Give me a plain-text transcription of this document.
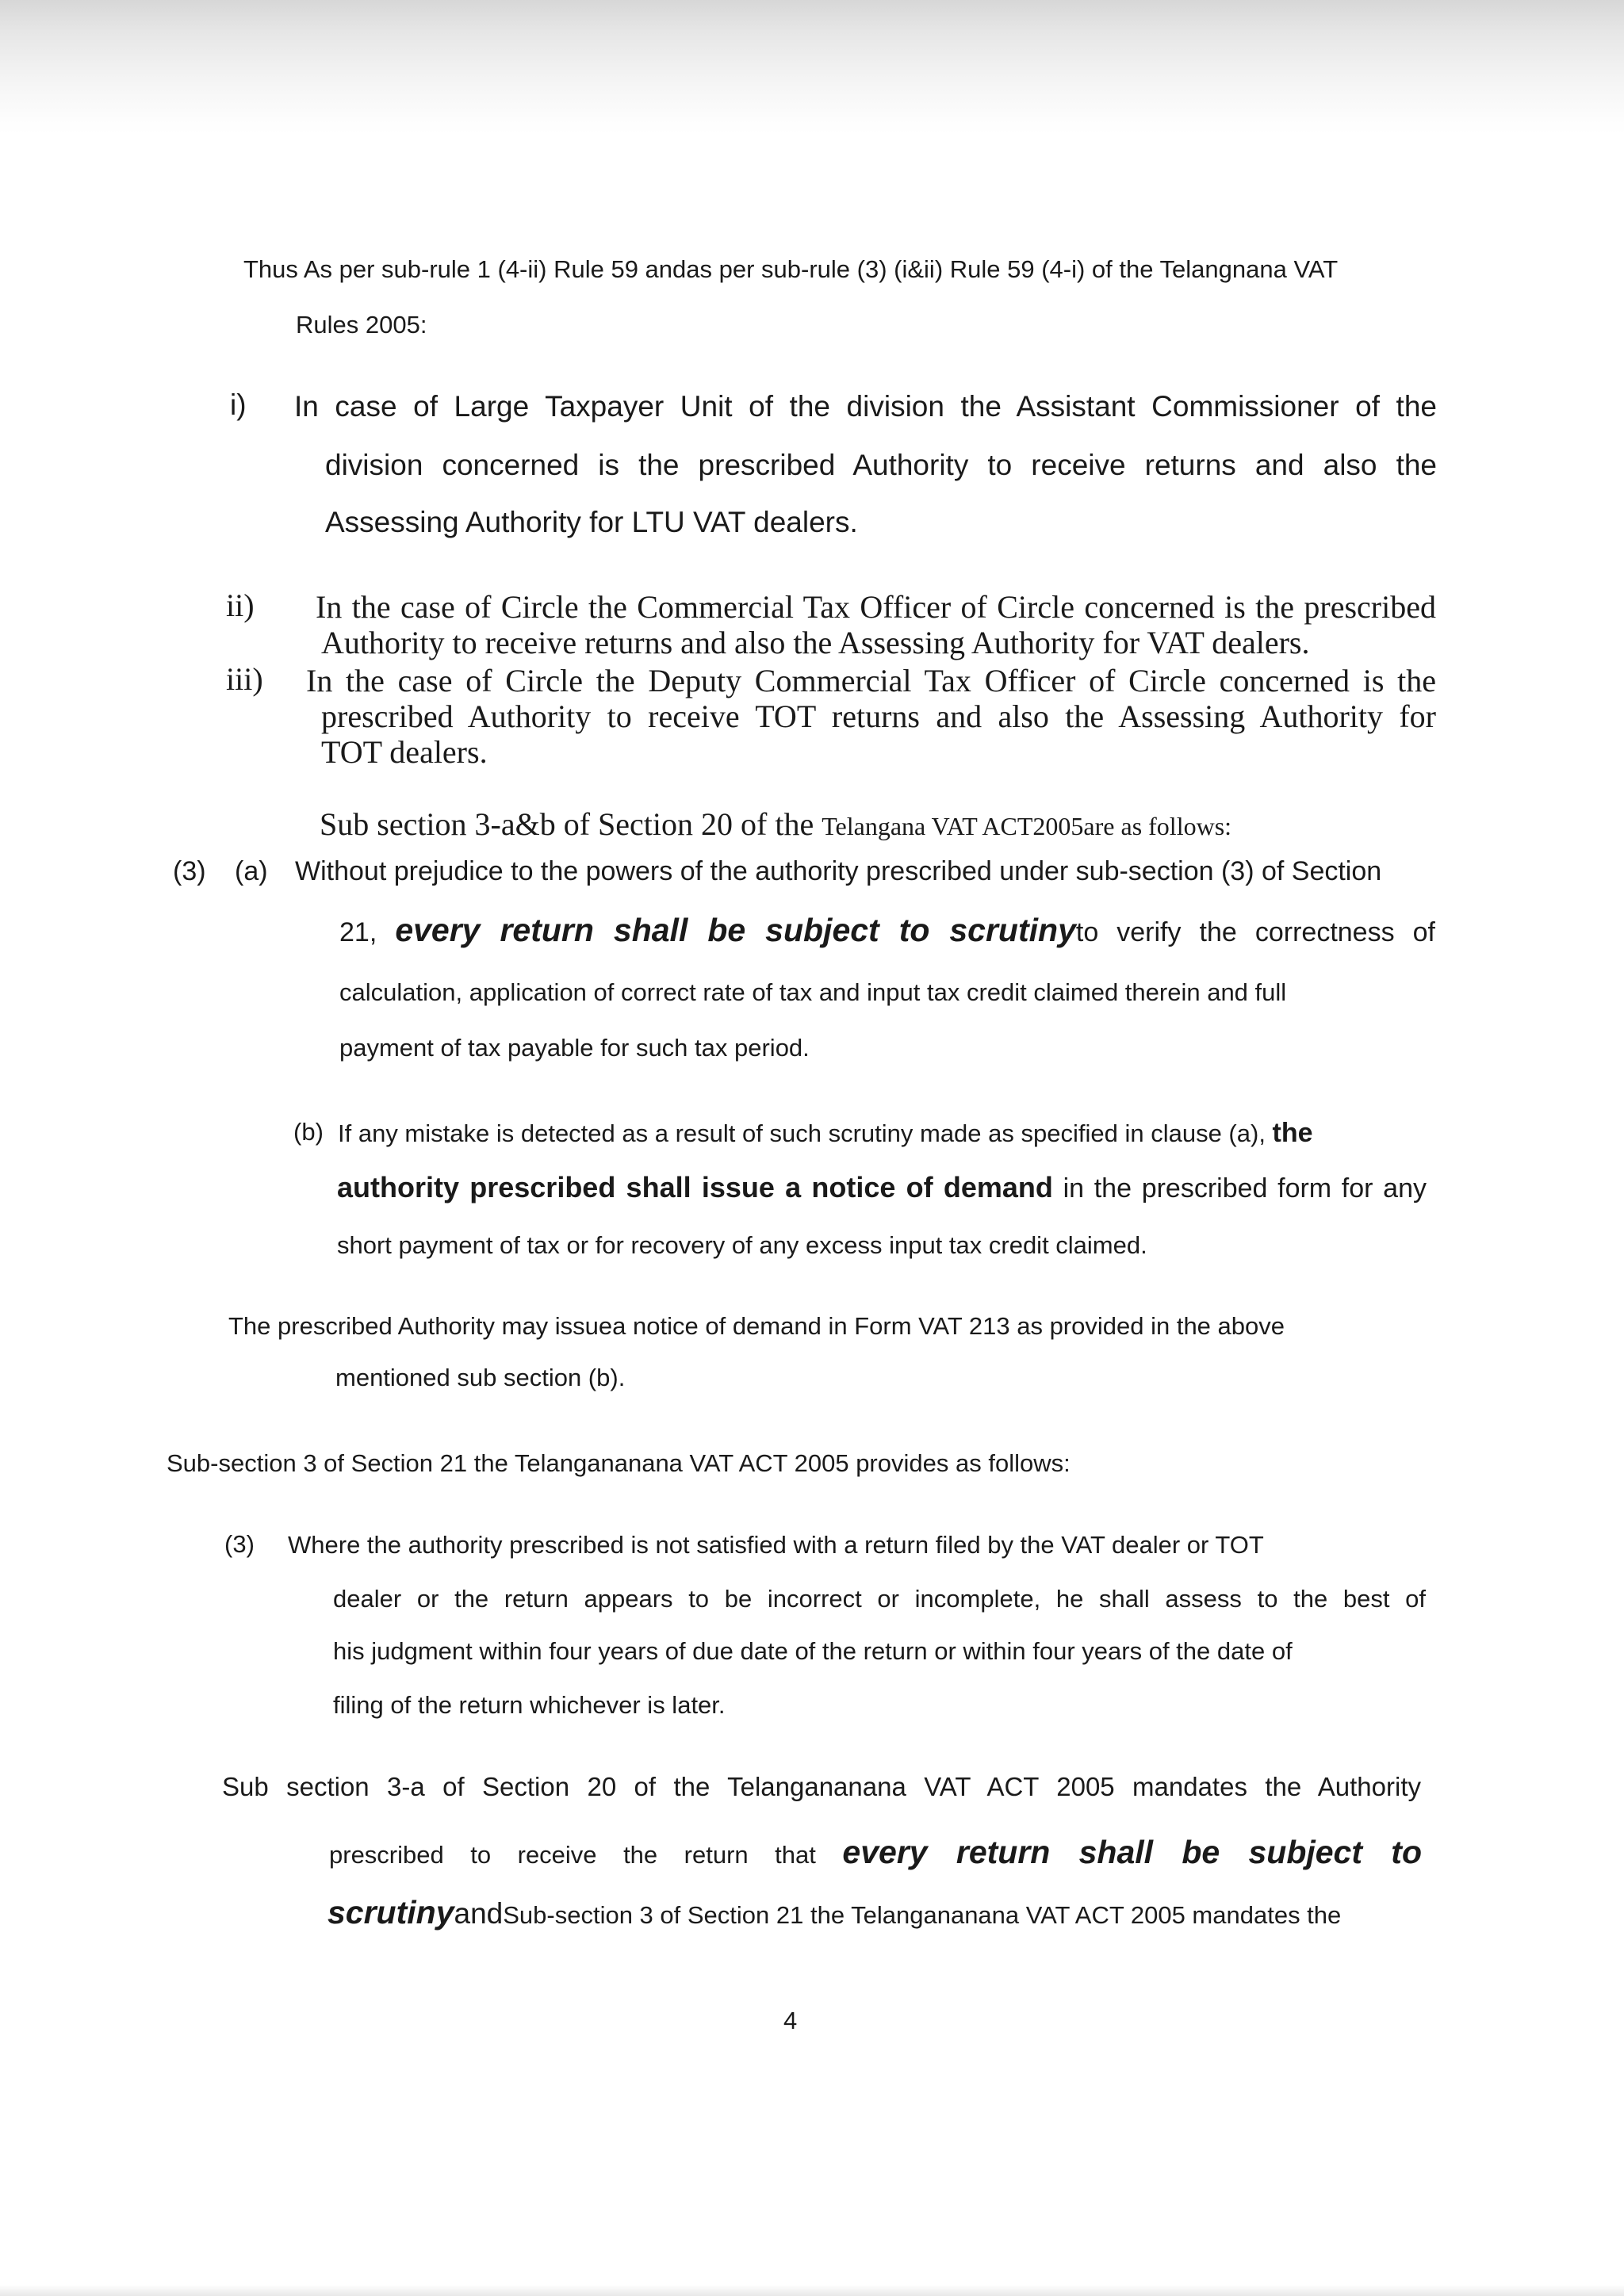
Thus As per sub-rule 1 (4-ii) Rule 59 andas per sub-rule (3) (i&ii) Rule 59 (4-i) of the Telangnana VAT

Rules 2005:

i) In case of Large Taxpayer Unit of the division the Assistant Commissioner of the

division concerned is the prescribed Authority to receive returns and also the

Assessing Authority for LTU VAT dealers.

ii) In the case of Circle the Commercial Tax Officer of Circle concerned is the prescribed

Authority to receive returns and also the Assessing Authority for VAT dealers.

iii) In the case of Circle the Deputy Commercial Tax Officer of Circle concerned is the

prescribed Authority to receive TOT returns and also the Assessing Authority for

TOT dealers.

Sub section 3-a&b of Section 20 of the Telangana VAT ACT2005are as follows:

(3) (a) Without prejudice to the powers of the authority prescribed under sub-section (3) of Section

21, every return shall be subject to scrutinyto verify the correctness of

calculation, application of correct rate of tax and input tax credit claimed therein and full

payment of tax payable for such tax period.

(b) If any mistake is detected as a result of such scrutiny made as specified in clause (a), the

authority prescribed shall issue a notice of demand in the prescribed form for any

short payment of tax or for recovery of any excess input tax credit claimed.

The prescribed Authority may issuea notice of demand in Form VAT 213 as provided in the above

mentioned sub section (b).

Sub-section 3 of Section 21 the Telangananana VAT ACT 2005 provides as follows:

(3) Where the authority prescribed is not satisfied with a return filed by the VAT dealer or TOT

dealer or the return appears to be incorrect or incomplete, he shall assess to the best of

his judgment within four years of due date of the return or within four years of the date of

filing of the return whichever is later.

Sub section 3-a of Section 20 of the Telangananana VAT ACT 2005 mandates the Authority

prescribed to receive the return that every return shall be subject to

scrutinyandSub-section 3 of Section 21 the Telangananana VAT ACT 2005 mandates the

4
